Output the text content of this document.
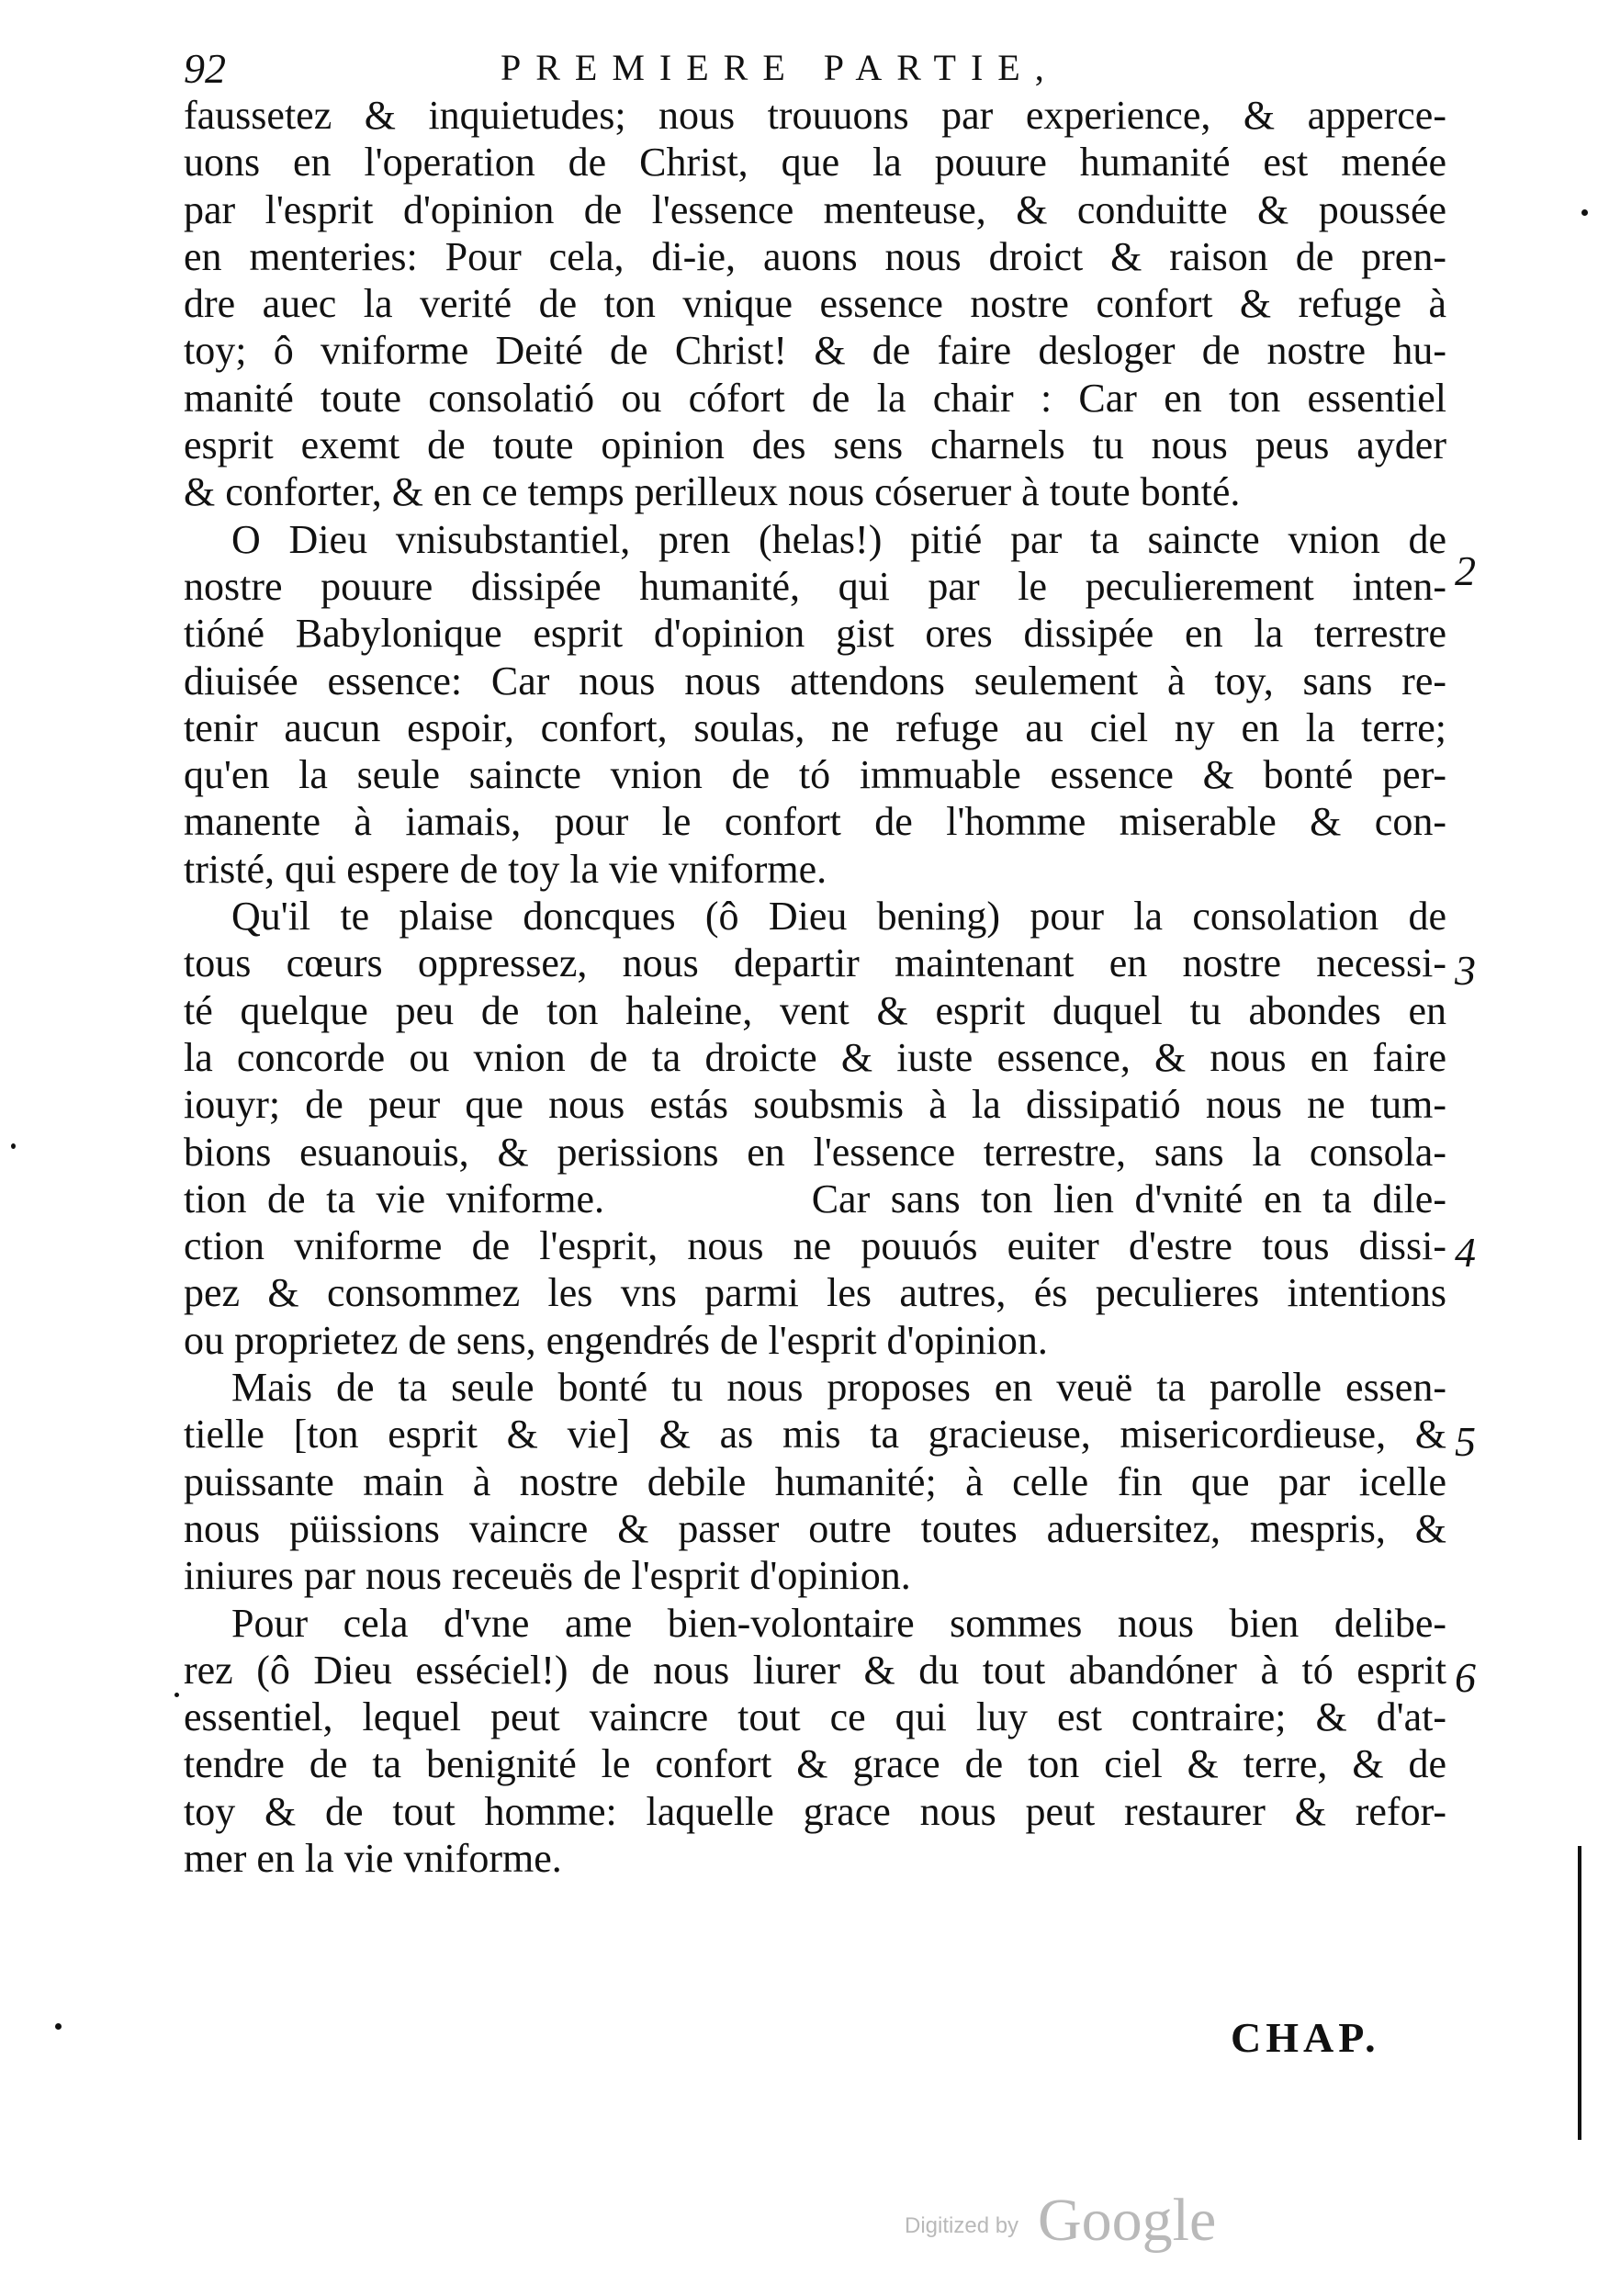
92	PREMIERE PARTIE,
faussetez & inquietudes; nous trouuons par experience, & apperce-
uons en l'operation de Christ, que la pouure humanité est menée
par l'esprit d'opinion de l'essence menteuse, & conduitte & poussée
en menteries: Pour cela, di-ie, auons nous droict & raison de pren-
dre auec la verité de ton vnique essence nostre confort & refuge à
toy; ô vniforme Deité de Christ! & de faire desloger de nostre hu-
manité toute consolatió ou cófort de la chair : Car en ton essentiel
esprit exemt de toute opinion des sens charnels tu nous peus ayder
& conforter, & en ce temps perilleux nous cóseruer à toute bonté.
O Dieu vnisubstantiel, pren (helas!) pitié par ta saincte vnion de
nostre pouure dissipée humanité, qui par le peculierement inten-
tióné Babylonique esprit d'opinion gist ores dissipée en la terrestre
diuisée essence: Car nous nous attendons seulement à toy, sans re-
tenir aucun espoir, confort, soulas, ne refuge au ciel ny en la terre;
qu'en la seule saincte vnion de tó immuable essence & bonté per-
manente à iamais, pour le confort de l'homme miserable & con-
tristé, qui espere de toy la vie vniforme.
Qu'il te plaise doncques (ô Dieu bening) pour la consolation de
tous cœurs oppressez, nous departir maintenant en nostre necessi-
té quelque peu de ton haleine, vent & esprit duquel tu abondes en
la concorde ou vnion de ta droicte & iuste essence, & nous en faire
iouyr; de peur que nous estás soubsmis à la dissipatió nous ne tum-
bions esuanouis, & perissions en l'essence terrestre, sans la consola-
tion de ta vie vniforme.          Car sans ton lien d'vnité en ta dile-
ction vniforme de l'esprit, nous ne pouuós euiter d'estre tous dissi-
pez & consommez les vns parmi les autres, és peculieres intentions
ou proprietez de sens, engendrés de l'esprit d'opinion.
Mais de ta seule bonté tu nous proposes en veuë ta parolle essen-
tielle [ton esprit & vie] & as mis ta gracieuse, misericordieuse, &
puissante main à nostre debile humanité; à celle fin que par icelle
nous püissions vaincre & passer outre toutes aduersitez, mespris, &
iniures par nous receuës de l'esprit d'opinion.
Pour cela d'vne ame bien-volontaire sommes nous bien delibe-
rez (ô Dieu esséciel!) de nous liurer & du tout abandóner à tó esprit
essentiel, lequel peut vaincre tout ce qui luy est contraire; & d'at-
tendre de ta benignité le confort & grace de ton ciel & terre, & de
toy & de tout homme: laquelle grace nous peut restaurer & refor-
mer en la vie vniforme.
2
3
4
5
6
CHAP.
Digitized by Google
